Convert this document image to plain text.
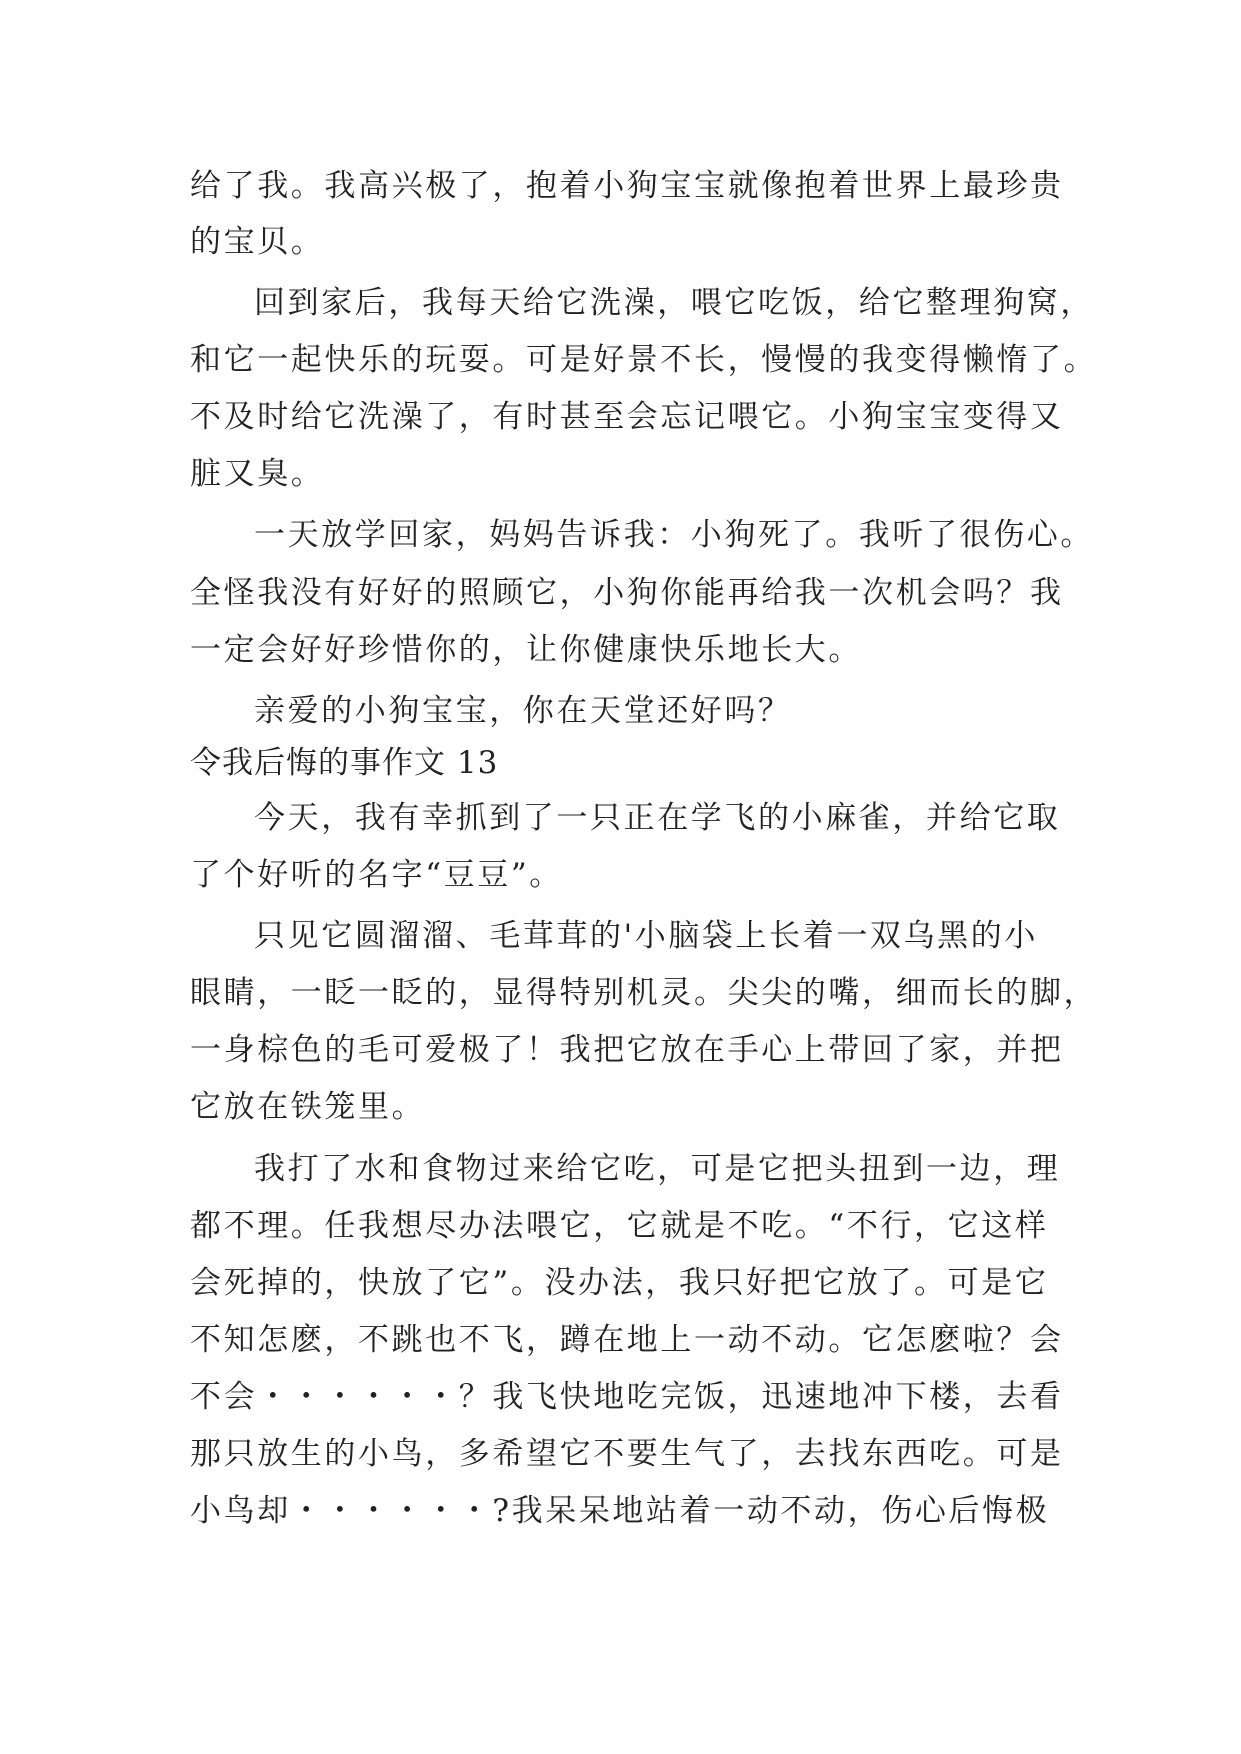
给了我。我高兴极了，抱着小狗宝宝就像抱着世界上最珍贵
的宝贝。
回到家后，我每天给它洗澡，喂它吃饭，给它整理狗窝，
和它一起快乐的玩耍。可是好景不长，慢慢的我变得懒惰了。
不及时给它洗澡了，有时甚至会忘记喂它。小狗宝宝变得又
脏又臭。
一天放学回家，妈妈告诉我：小狗死了。我听了很伤心。
全怪我没有好好的照顾它，小狗你能再给我一次机会吗？我
一定会好好珍惜你的，让你健康快乐地长大。
亲爱的小狗宝宝，你在天堂还好吗？
令我后悔的事作文 13
今天，我有幸抓到了一只正在学飞的小麻雀，并给它取
了个好听的名字“豆豆”。
只见它圆溜溜、毛茸茸的'小脑袋上长着一双乌黑的小
眼睛，一眨一眨的，显得特别机灵。尖尖的嘴，细而长的脚，
一身棕色的毛可爱极了！我把它放在手心上带回了家，并把
它放在铁笼里。
我打了水和食物过来给它吃，可是它把头扭到一边，理
都不理。任我想尽办法喂它，它就是不吃。“不行，它这样
会死掉的，快放了它”。没办法，我只好把它放了。可是它
不知怎麽，不跳也不飞，蹲在地上一动不动。它怎麽啦？会
不会・・・・・・？我飞快地吃完饭，迅速地冲下楼，去看
那只放生的小鸟，多希望它不要生气了，去找东西吃。可是
小鸟却・・・・・・?我呆呆地站着一动不动，伤心后悔极
